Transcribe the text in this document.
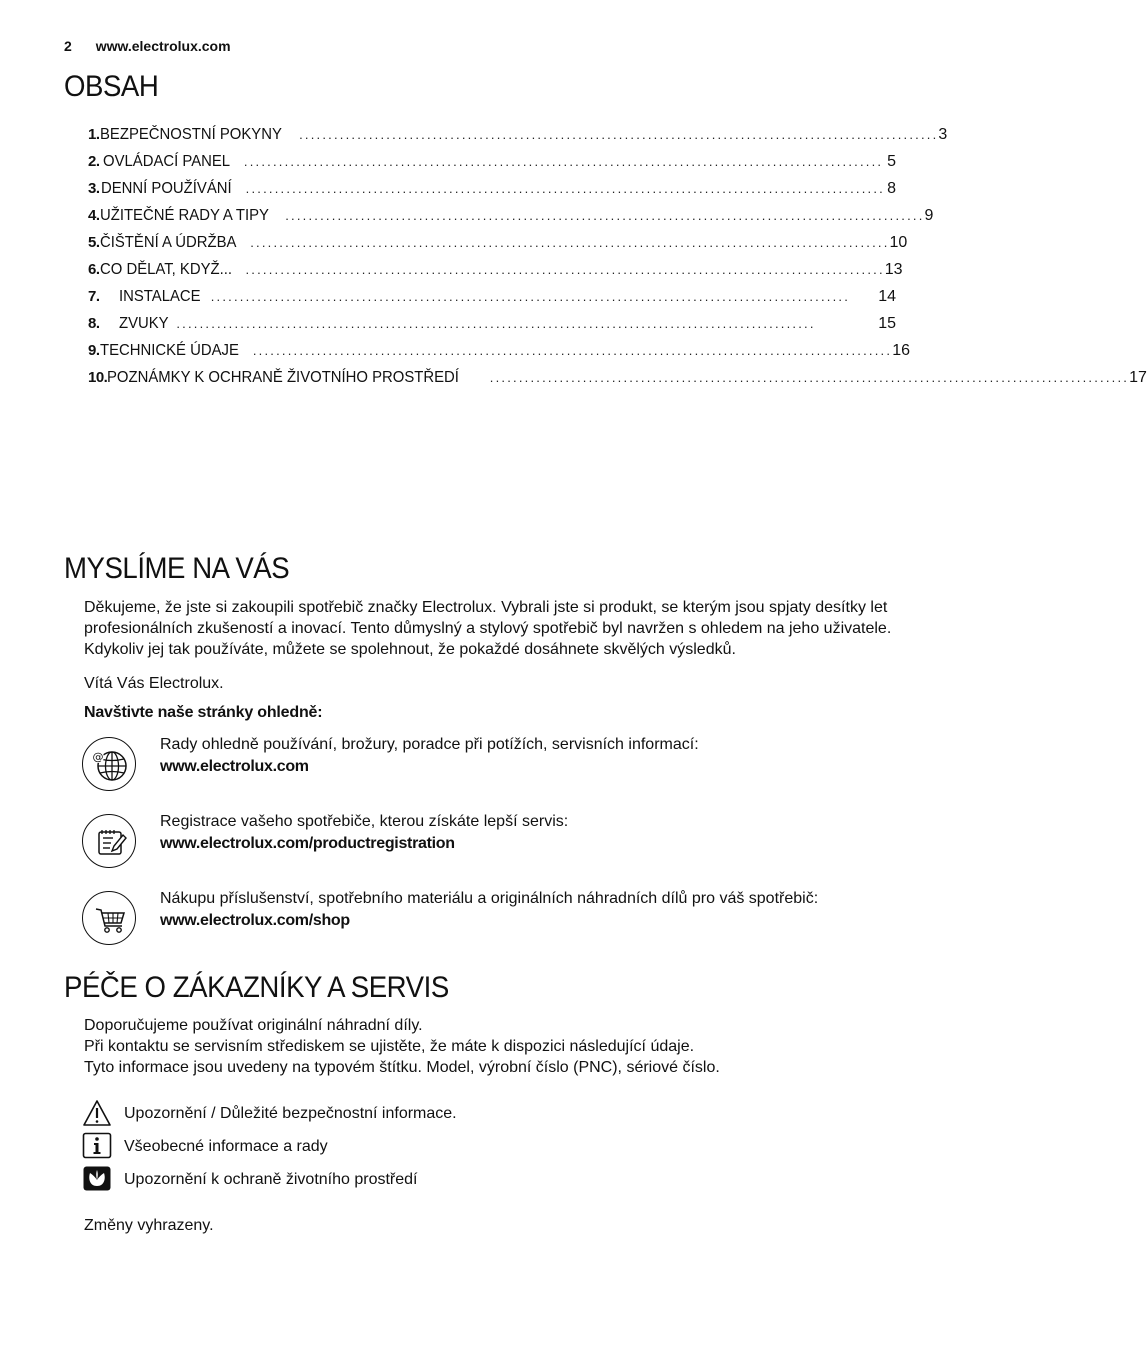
2 www.electrolux.com
OBSAH
1. BEZPEČNOSTNÍ POKYNY .............................................................................................................. 3
2. OVLÁDACÍ PANEL .............................................................................................................. 5
3. DENNÍ POUŽÍVÁNÍ .............................................................................................................. 8
4. UŽITEČNÉ RADY A TIPY .............................................................................................................. 9
5. ČIŠTĚNÍ A ÚDRŽBA .............................................................................................................. 10
6. CO DĚLAT, KDYŽ... .............................................................................................................. 13
7.	INSTALACE ..............................................................................................................	14
8.	ZVUKY ..............................................................................................................	15
9. TECHNICKÉ ÚDAJE .............................................................................................................. 16
10. POZNÁMKY K OCHRANĚ ŽIVOTNÍHO PROSTŘEDÍ .............................................................................................................. 17
MYSLÍME NA VÁS

Děkujeme, že jste si zakoupili spotřebič značky Electrolux. Vybrali jste si produkt, se kterým jsou spjaty desítky let profesionálních zkušeností a inovací. Tento důmyslný a stylový spotřebič byl navržen s ohledem na jeho uživatele. Kdykoliv jej tak používáte, můžete se spolehnout, že pokaždé dosáhnete skvělých výsledků.

Vítá Vás Electrolux.

Navštivte naše stránky ohledně:

@
Rady ohledně používání, brožury, poradce při potížích, servisních informací:
www.electrolux.com
Registrace vašeho spotřebiče, kterou získáte lepší servis:
www.electrolux.com/productregistration
Nákupu příslušenství, spotřebního materiálu a originálních náhradních dílů pro váš spotřebič:
www.electrolux.com/shop
PÉČE O ZÁKAZNÍKY A SERVIS

Doporučujeme používat originální náhradní díly.

Při kontaktu se servisním střediskem se ujistěte, že máte k dispozici následující údaje.

Tyto informace jsou uvedeny na typovém štítku. Model, výrobní číslo (PNC), sériové číslo.

Upozornění / Důležité bezpečnostní informace.
Všeobecné informace a rady
Upozornění k ochraně životního prostředí

Změny vyhrazeny.
